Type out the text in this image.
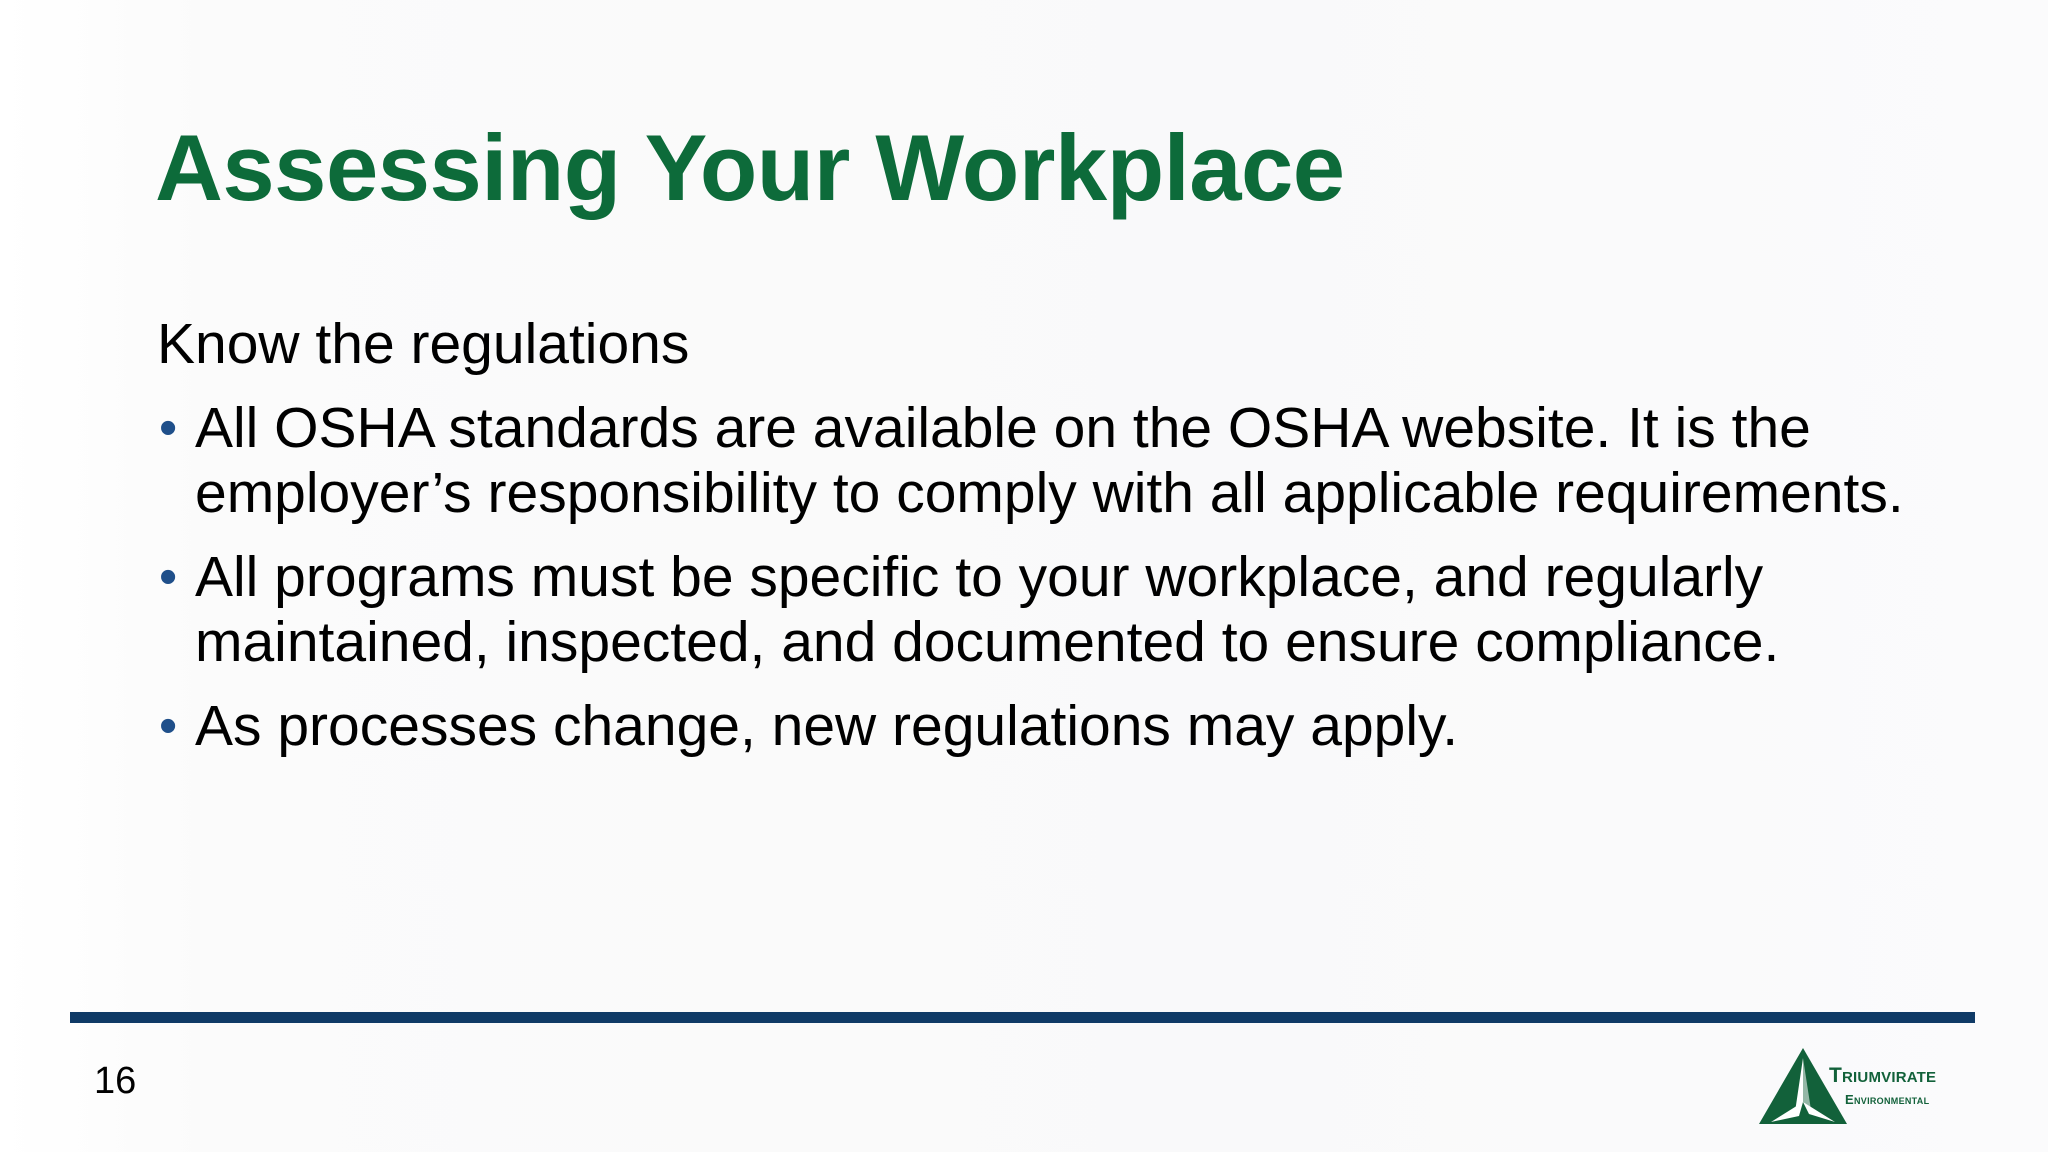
Assessing Your Workplace

Know the regulations

• All OSHA standards are available on the OSHA website. It is the employer’s responsibility to comply with all applicable requirements.
• All programs must be specific to your workplace, and regularly maintained, inspected, and documented to ensure compliance.
• As processes change, new regulations may apply.
16	Triumvirate
Environmental
